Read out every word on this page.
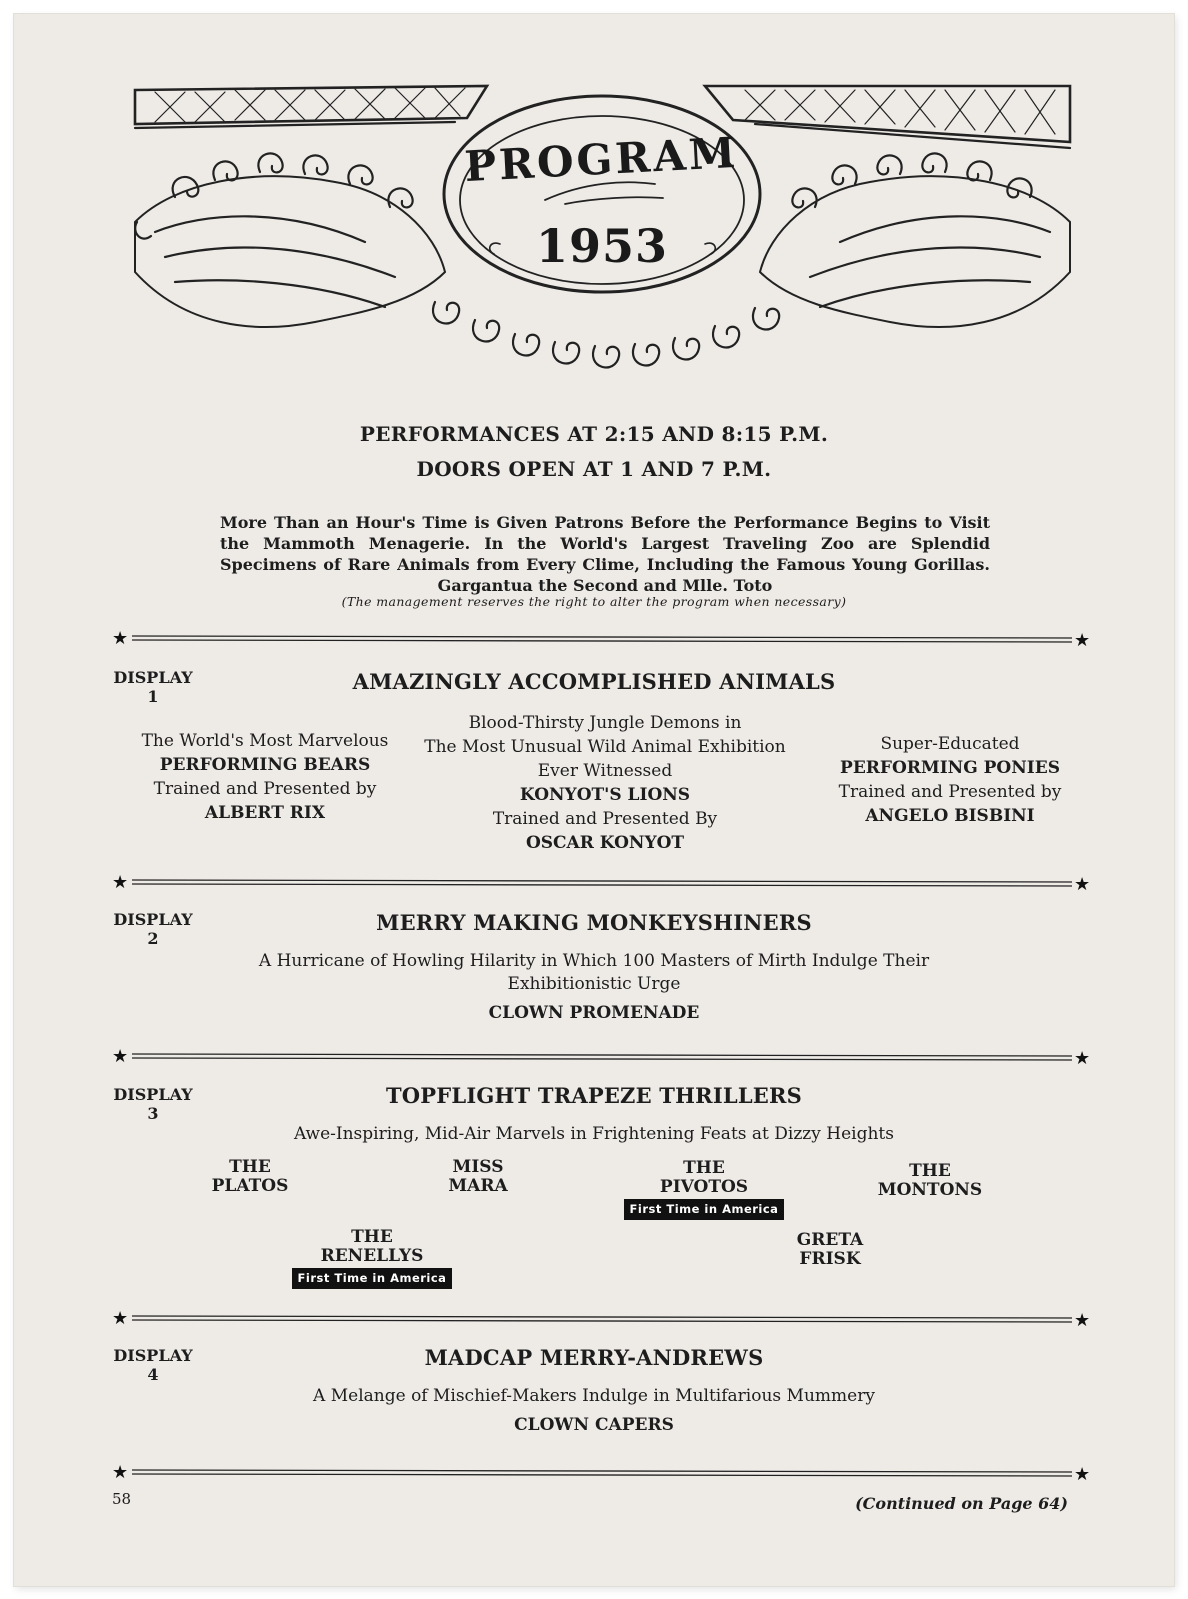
PROGRAM
1953
PERFORMANCES AT 2:15 AND 8:15 P.M.
DOORS OPEN AT 1 AND 7 P.M.
More Than an Hour's Time is Given Patrons Before the Performance Begins to Visit the Mammoth Menagerie. In the World's Largest Traveling Zoo are Splendid Specimens of Rare Animals from Every Clime, Including the Famous Young Gorillas. Gargantua the Second and Mlle. Toto
(The management reserves the right to alter the program when necessary)
★	★
DISPLAY
1
AMAZINGLY ACCOMPLISHED ANIMALS
The World's Most Marvelous
PERFORMING BEARS
Trained and Presented by
ALBERT RIX
Blood-Thirsty Jungle Demons in
The Most Unusual Wild Animal Exhibition
Ever Witnessed
KONYOT'S LIONS
Trained and Presented By
OSCAR KONYOT
Super-Educated
PERFORMING PONIES
Trained and Presented by
ANGELO BISBINI
★	★
DISPLAY
2
MERRY MAKING MONKEYSHINERS
A Hurricane of Howling Hilarity in Which 100 Masters of Mirth Indulge Their
Exhibitionistic Urge
CLOWN PROMENADE
★	★
DISPLAY
3
TOPFLIGHT TRAPEZE THRILLERS
Awe-Inspiring, Mid-Air Marvels in Frightening Feats at Dizzy Heights
THE
PLATOS
MISS
MARA
THE
PIVOTOS
First Time in America
THE
MONTONS
THE
RENELLYS
First Time in America
GRETA
FRISK
★	★
DISPLAY
4
MADCAP MERRY-ANDREWS
A Melange of Mischief-Makers Indulge in Multifarious Mummery
CLOWN CAPERS
★	★
58	(Continued on Page 64)
